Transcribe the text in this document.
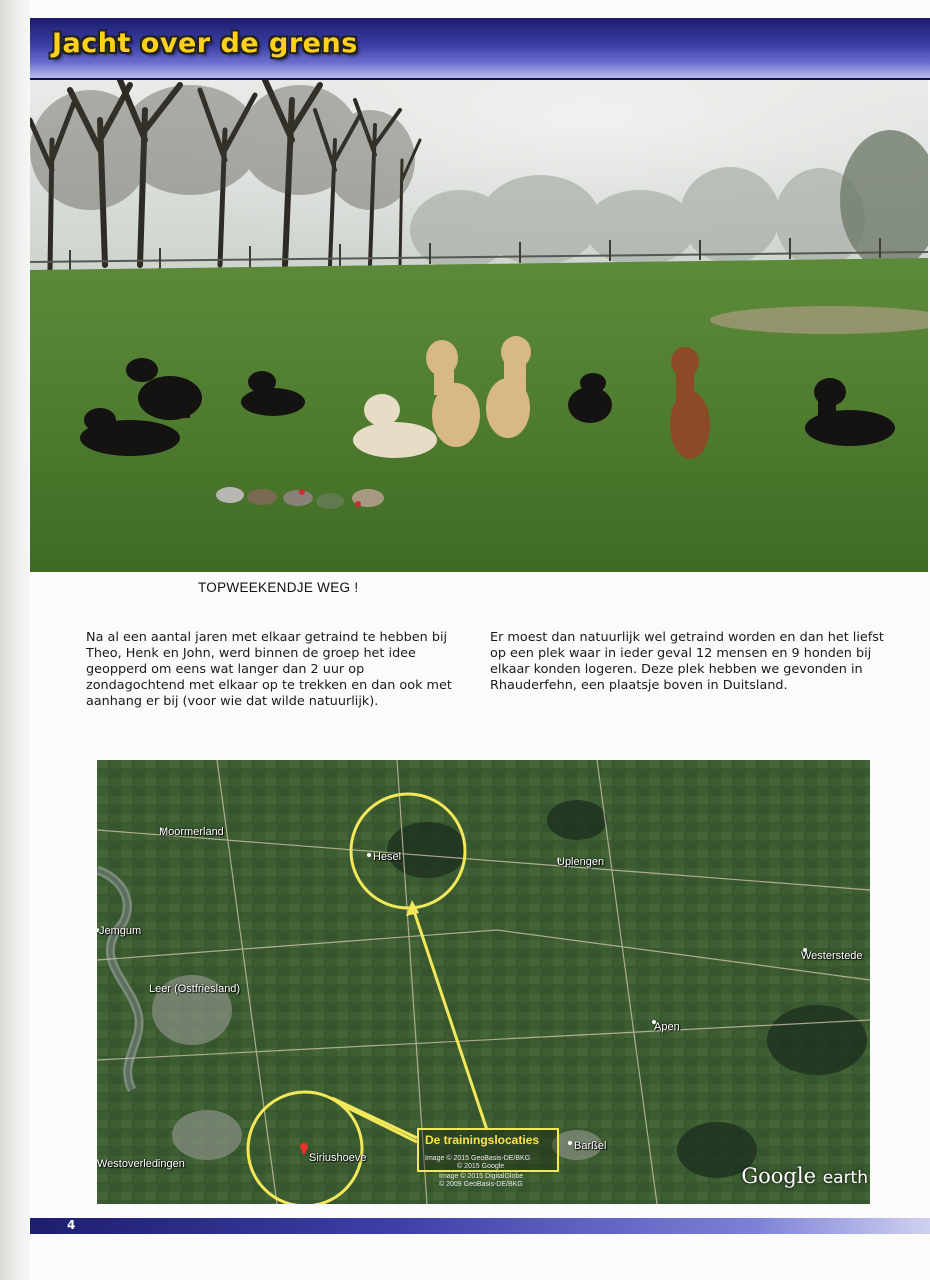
Jacht over de grens
TOPWEEKENDJE WEG !

Na al een aantal jaren met elkaar getraind te hebben bij Theo, Henk en John, werd binnen de groep het idee geopperd om eens wat langer dan 2 uur op zondagochtend met elkaar op te trekken en dan ook met aanhang er bij (voor wie dat wilde natuurlijk).

Er moest dan natuurlijk wel getraind worden en dan het liefst op een plek waar in ieder geval 12 mensen en 9 honden bij elkaar konden logeren. Deze plek hebben we gevonden in Rhauderfehn, een plaatsje boven in Duitsland.

Moormerland
Hesel	Uplengen
Jemgum
Westerstede
Leer (Ostfriesland)
Apen
Barßel
Westoverledingen	Siriushoeve
De trainingslocaties
Image © 2015 GeoBasis-DE/BKG
© 2015 Google
Image © 2015 DigitalGlobe
© 2009 GeoBasis-DE/BKG	Google earth
4
